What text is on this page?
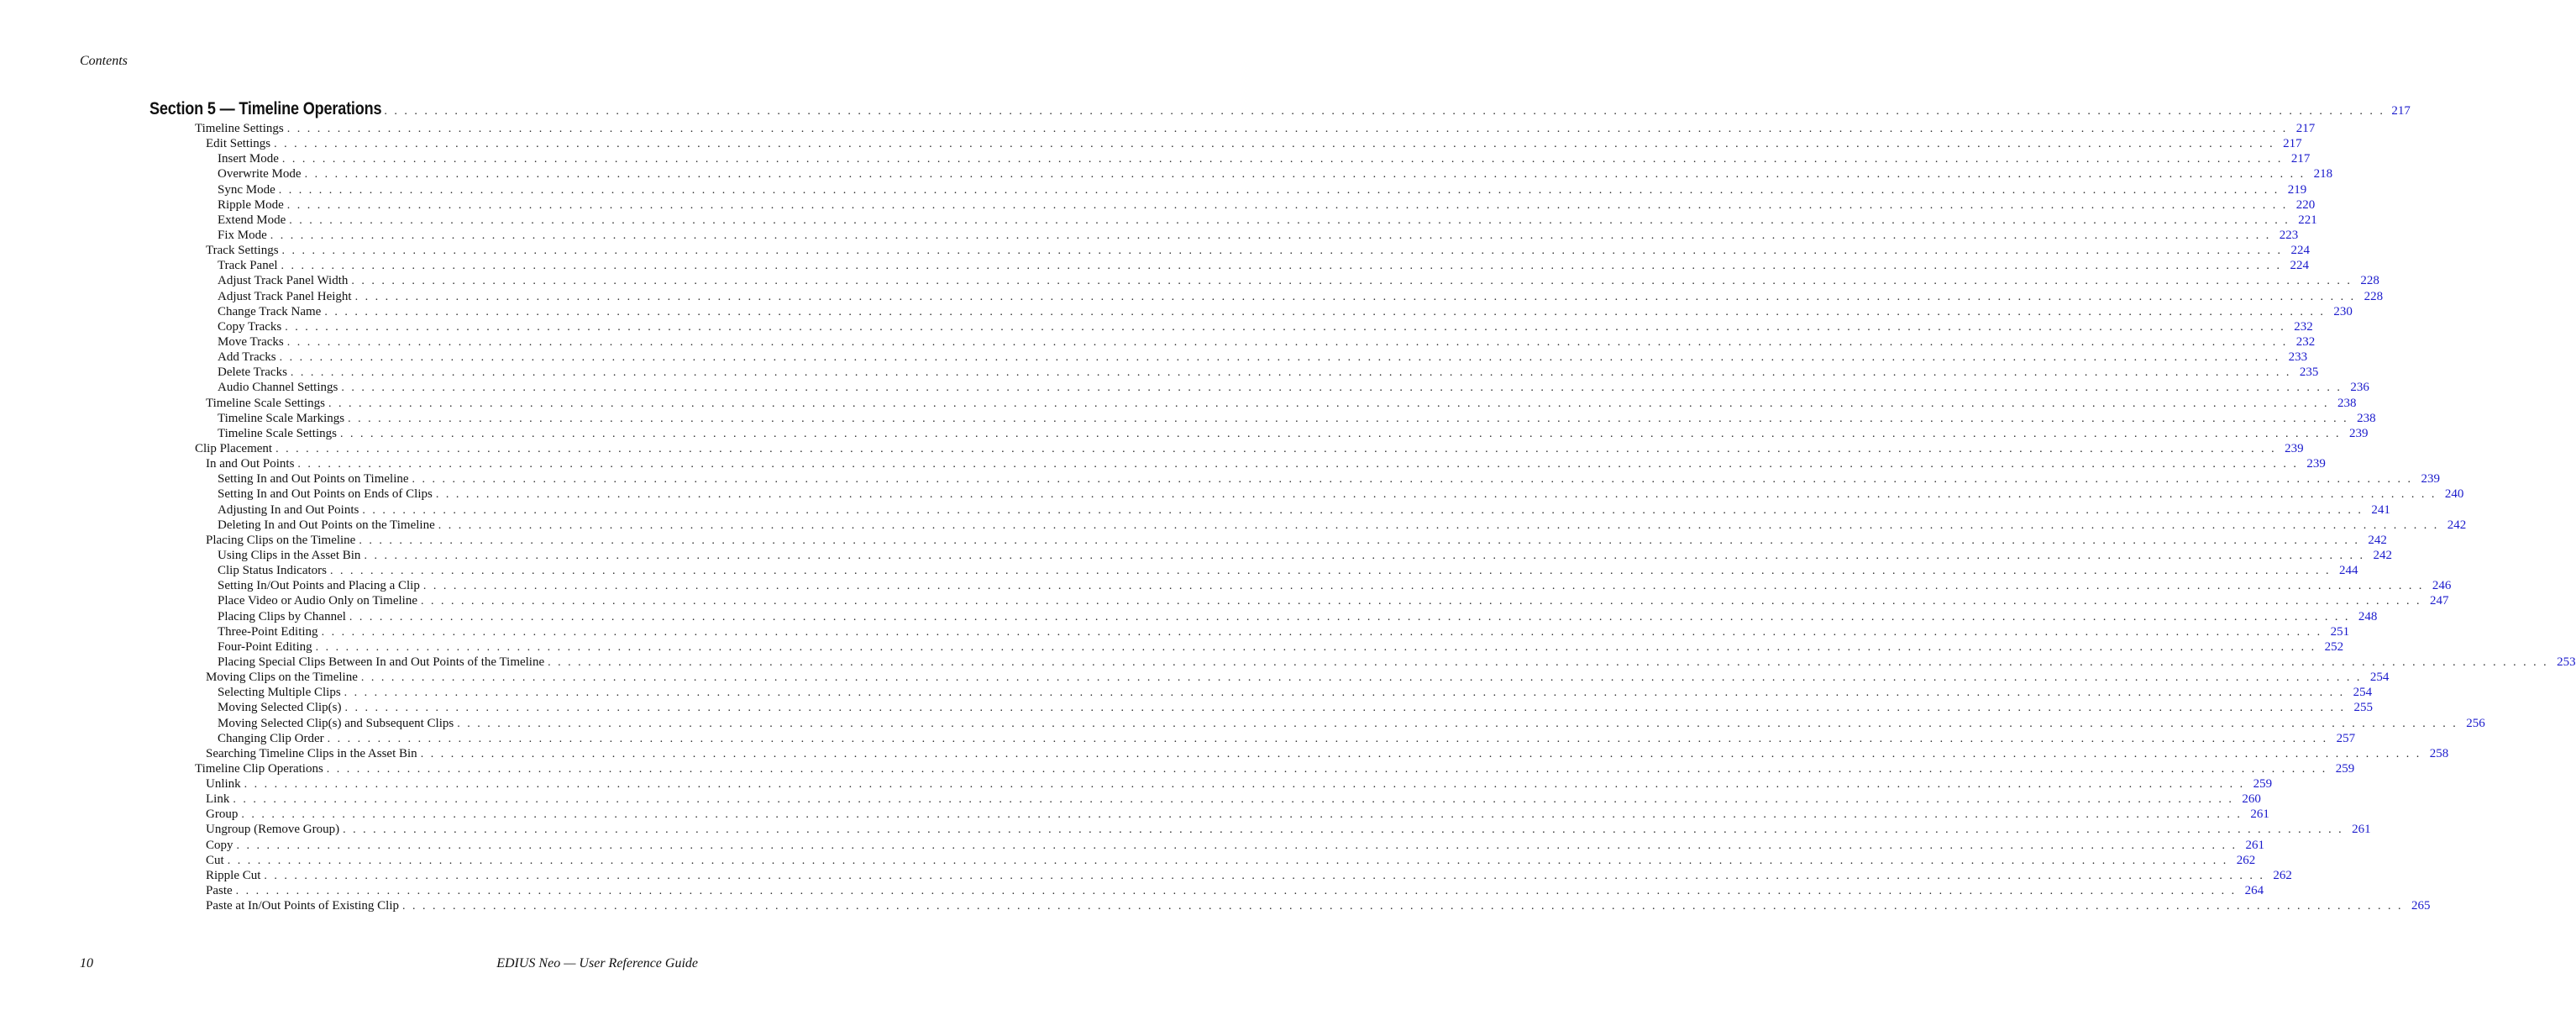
Contents
Section 5 — Timeline Operations . . . . . . . . . . . . . . . . . . . . . . . . . . . . . . . . . . . . . . . . . . . . . . . . . . . . . . . . . . . . . . . . . . . . . . . . . . . . . . . . . . . . . . . . . . . . . . . . . . . . . . . . . . . . . . . . . . . . . . . . . . . . . . . . . . . . . . . . . . . . . . . . . . . . . . . . . . . . . . . . . . . . . . . . . . . . . . . . . . . . . . . . . . . . . . . . . . . . . . . 217
Timeline Settings . . . . . . . . . . . . . . . . . . . . . . . . . . . . . . . . . . . . . . . . . . . . . . . . . . . . . . . . . . . . . . . . . . . . . . . . . . . . . . . . . . . . . . . . . . . . . . . . . . . . . . . . . . . . . . . . . . . . . . . . . . . . . . . . . . . . . . . . . . . . . . . . . . . . . . . . . . . . . . . . . . . . . . . . . . . . . . . . . . . . . . . . . . . . . . . . . . . . . . . 217
Edit Settings . . . . . . . . . . . . . . . . . . . . . . . . . . . . . . . . . . . . . . . . . . . . . . . . . . . . . . . . . . . . . . . . . . . . . . . . . . . . . . . . . . . . . . . . . . . . . . . . . . . . . . . . . . . . . . . . . . . . . . . . . . . . . . . . . . . . . . . . . . . . . . . . . . . . . . . . . . . . . . . . . . . . . . . . . . . . . . . . . . . . . . . . . . . . . . . . . . . . . . . 217
Insert Mode . . . . . . . . . . . . . . . . . . . . . . . . . . . . . . . . . . . . . . . . . . . . . . . . . . . . . . . . . . . . . . . . . . . . . . . . . . . . . . . . . . . . . . . . . . . . . . . . . . . . . . . . . . . . . . . . . . . . . . . . . . . . . . . . . . . . . . . . . . . . . . . . . . . . . . . . . . . . . . . . . . . . . . . . . . . . . . . . . . . . . . . . . . . . . . . . . . . . . . . 217
Overwrite Mode . . . . . . . . . . . . . . . . . . . . . . . . . . . . . . . . . . . . . . . . . . . . . . . . . . . . . . . . . . . . . . . . . . . . . . . . . . . . . . . . . . . . . . . . . . . . . . . . . . . . . . . . . . . . . . . . . . . . . . . . . . . . . . . . . . . . . . . . . . . . . . . . . . . . . . . . . . . . . . . . . . . . . . . . . . . . . . . . . . . . . . . . . . . . . . . . . . . . . . . 218
Sync Mode . . . . . . . . . . . . . . . . . . . . . . . . . . . . . . . . . . . . . . . . . . . . . . . . . . . . . . . . . . . . . . . . . . . . . . . . . . . . . . . . . . . . . . . . . . . . . . . . . . . . . . . . . . . . . . . . . . . . . . . . . . . . . . . . . . . . . . . . . . . . . . . . . . . . . . . . . . . . . . . . . . . . . . . . . . . . . . . . . . . . . . . . . . . . . . . . . . . . . . . 219
Ripple Mode . . . . . . . . . . . . . . . . . . . . . . . . . . . . . . . . . . . . . . . . . . . . . . . . . . . . . . . . . . . . . . . . . . . . . . . . . . . . . . . . . . . . . . . . . . . . . . . . . . . . . . . . . . . . . . . . . . . . . . . . . . . . . . . . . . . . . . . . . . . . . . . . . . . . . . . . . . . . . . . . . . . . . . . . . . . . . . . . . . . . . . . . . . . . . . . . . . . . . . . 220
Extend Mode . . . . . . . . . . . . . . . . . . . . . . . . . . . . . . . . . . . . . . . . . . . . . . . . . . . . . . . . . . . . . . . . . . . . . . . . . . . . . . . . . . . . . . . . . . . . . . . . . . . . . . . . . . . . . . . . . . . . . . . . . . . . . . . . . . . . . . . . . . . . . . . . . . . . . . . . . . . . . . . . . . . . . . . . . . . . . . . . . . . . . . . . . . . . . . . . . . . . . . . 221
Fix Mode . . . . . . . . . . . . . . . . . . . . . . . . . . . . . . . . . . . . . . . . . . . . . . . . . . . . . . . . . . . . . . . . . . . . . . . . . . . . . . . . . . . . . . . . . . . . . . . . . . . . . . . . . . . . . . . . . . . . . . . . . . . . . . . . . . . . . . . . . . . . . . . . . . . . . . . . . . . . . . . . . . . . . . . . . . . . . . . . . . . . . . . . . . . . . . . . . . . . . . . 223
Track Settings . . . . . . . . . . . . . . . . . . . . . . . . . . . . . . . . . . . . . . . . . . . . . . . . . . . . . . . . . . . . . . . . . . . . . . . . . . . . . . . . . . . . . . . . . . . . . . . . . . . . . . . . . . . . . . . . . . . . . . . . . . . . . . . . . . . . . . . . . . . . . . . . . . . . . . . . . . . . . . . . . . . . . . . . . . . . . . . . . . . . . . . . . . . . . . . . . . . . . . . 224
Track Panel . . . . . . . . . . . . . . . . . . . . . . . . . . . . . . . . . . . . . . . . . . . . . . . . . . . . . . . . . . . . . . . . . . . . . . . . . . . . . . . . . . . . . . . . . . . . . . . . . . . . . . . . . . . . . . . . . . . . . . . . . . . . . . . . . . . . . . . . . . . . . . . . . . . . . . . . . . . . . . . . . . . . . . . . . . . . . . . . . . . . . . . . . . . . . . . . . . . . . . . 224
Adjust Track Panel Width . . . . . . . . . . . . . . . . . . . . . . . . . . . . . . . . . . . . . . . . . . . . . . . . . . . . . . . . . . . . . . . . . . . . . . . . . . . . . . . . . . . . . . . . . . . . . . . . . . . . . . . . . . . . . . . . . . . . . . . . . . . . . . . . . . . . . . . . . . . . . . . . . . . . . . . . . . . . . . . . . . . . . . . . . . . . . . . . . . . . . . . . . . . . . . . . . . . . . . . 228
Adjust Track Panel Height . . . . . . . . . . . . . . . . . . . . . . . . . . . . . . . . . . . . . . . . . . . . . . . . . . . . . . . . . . . . . . . . . . . . . . . . . . . . . . . . . . . . . . . . . . . . . . . . . . . . . . . . . . . . . . . . . . . . . . . . . . . . . . . . . . . . . . . . . . . . . . . . . . . . . . . . . . . . . . . . . . . . . . . . . . . . . . . . . . . . . . . . . . . . . . . . . . . . . . . 228
Change Track Name . . . . . . . . . . . . . . . . . . . . . . . . . . . . . . . . . . . . . . . . . . . . . . . . . . . . . . . . . . . . . . . . . . . . . . . . . . . . . . . . . . . . . . . . . . . . . . . . . . . . . . . . . . . . . . . . . . . . . . . . . . . . . . . . . . . . . . . . . . . . . . . . . . . . . . . . . . . . . . . . . . . . . . . . . . . . . . . . . . . . . . . . . . . . . . . . . . . . . . . 230
Copy Tracks . . . . . . . . . . . . . . . . . . . . . . . . . . . . . . . . . . . . . . . . . . . . . . . . . . . . . . . . . . . . . . . . . . . . . . . . . . . . . . . . . . . . . . . . . . . . . . . . . . . . . . . . . . . . . . . . . . . . . . . . . . . . . . . . . . . . . . . . . . . . . . . . . . . . . . . . . . . . . . . . . . . . . . . . . . . . . . . . . . . . . . . . . . . . . . . . . . . . . . . 232
Move Tracks . . . . . . . . . . . . . . . . . . . . . . . . . . . . . . . . . . . . . . . . . . . . . . . . . . . . . . . . . . . . . . . . . . . . . . . . . . . . . . . . . . . . . . . . . . . . . . . . . . . . . . . . . . . . . . . . . . . . . . . . . . . . . . . . . . . . . . . . . . . . . . . . . . . . . . . . . . . . . . . . . . . . . . . . . . . . . . . . . . . . . . . . . . . . . . . . . . . . . . . 232
Add Tracks . . . . . . . . . . . . . . . . . . . . . . . . . . . . . . . . . . . . . . . . . . . . . . . . . . . . . . . . . . . . . . . . . . . . . . . . . . . . . . . . . . . . . . . . . . . . . . . . . . . . . . . . . . . . . . . . . . . . . . . . . . . . . . . . . . . . . . . . . . . . . . . . . . . . . . . . . . . . . . . . . . . . . . . . . . . . . . . . . . . . . . . . . . . . . . . . . . . . . . . 233
Delete Tracks . . . . . . . . . . . . . . . . . . . . . . . . . . . . . . . . . . . . . . . . . . . . . . . . . . . . . . . . . . . . . . . . . . . . . . . . . . . . . . . . . . . . . . . . . . . . . . . . . . . . . . . . . . . . . . . . . . . . . . . . . . . . . . . . . . . . . . . . . . . . . . . . . . . . . . . . . . . . . . . . . . . . . . . . . . . . . . . . . . . . . . . . . . . . . . . . . . . . . . . 235
Audio Channel Settings . . . . . . . . . . . . . . . . . . . . . . . . . . . . . . . . . . . . . . . . . . . . . . . . . . . . . . . . . . . . . . . . . . . . . . . . . . . . . . . . . . . . . . . . . . . . . . . . . . . . . . . . . . . . . . . . . . . . . . . . . . . . . . . . . . . . . . . . . . . . . . . . . . . . . . . . . . . . . . . . . . . . . . . . . . . . . . . . . . . . . . . . . . . . . . . . . . . . . . . 236
Timeline Scale Settings . . . . . . . . . . . . . . . . . . . . . . . . . . . . . . . . . . . . . . . . . . . . . . . . . . . . . . . . . . . . . . . . . . . . . . . . . . . . . . . . . . . . . . . . . . . . . . . . . . . . . . . . . . . . . . . . . . . . . . . . . . . . . . . . . . . . . . . . . . . . . . . . . . . . . . . . . . . . . . . . . . . . . . . . . . . . . . . . . . . . . . . . . . . . . . . . . . . . . . . 238
Timeline Scale Markings . . . . . . . . . . . . . . . . . . . . . . . . . . . . . . . . . . . . . . . . . . . . . . . . . . . . . . . . . . . . . . . . . . . . . . . . . . . . . . . . . . . . . . . . . . . . . . . . . . . . . . . . . . . . . . . . . . . . . . . . . . . . . . . . . . . . . . . . . . . . . . . . . . . . . . . . . . . . . . . . . . . . . . . . . . . . . . . . . . . . . . . . . . . . . . . . . . . . . . . 238
Timeline Scale Settings . . . . . . . . . . . . . . . . . . . . . . . . . . . . . . . . . . . . . . . . . . . . . . . . . . . . . . . . . . . . . . . . . . . . . . . . . . . . . . . . . . . . . . . . . . . . . . . . . . . . . . . . . . . . . . . . . . . . . . . . . . . . . . . . . . . . . . . . . . . . . . . . . . . . . . . . . . . . . . . . . . . . . . . . . . . . . . . . . . . . . . . . . . . . . . . . . . . . . . . 239
Clip Placement . . . . . . . . . . . . . . . . . . . . . . . . . . . . . . . . . . . . . . . . . . . . . . . . . . . . . . . . . . . . . . . . . . . . . . . . . . . . . . . . . . . . . . . . . . . . . . . . . . . . . . . . . . . . . . . . . . . . . . . . . . . . . . . . . . . . . . . . . . . . . . . . . . . . . . . . . . . . . . . . . . . . . . . . . . . . . . . . . . . . . . . . . . . . . . . . . . . . . . . 239
In and Out Points . . . . . . . . . . . . . . . . . . . . . . . . . . . . . . . . . . . . . . . . . . . . . . . . . . . . . . . . . . . . . . . . . . . . . . . . . . . . . . . . . . . . . . . . . . . . . . . . . . . . . . . . . . . . . . . . . . . . . . . . . . . . . . . . . . . . . . . . . . . . . . . . . . . . . . . . . . . . . . . . . . . . . . . . . . . . . . . . . . . . . . . . . . . . . . . . . . . . . . . 239
Setting In and Out Points on Timeline . . . . . . . . . . . . . . . . . . . . . . . . . . . . . . . . . . . . . . . . . . . . . . . . . . . . . . . . . . . . . . . . . . . . . . . . . . . . . . . . . . . . . . . . . . . . . . . . . . . . . . . . . . . . . . . . . . . . . . . . . . . . . . . . . . . . . . . . . . . . . . . . . . . . . . . . . . . . . . . . . . . . . . . . . . . . . . . . . . . . . . . . . . . . . . . . . . . . . . . 239
Setting In and Out Points on Ends of Clips . . . . . . . . . . . . . . . . . . . . . . . . . . . . . . . . . . . . . . . . . . . . . . . . . . . . . . . . . . . . . . . . . . . . . . . . . . . . . . . . . . . . . . . . . . . . . . . . . . . . . . . . . . . . . . . . . . . . . . . . . . . . . . . . . . . . . . . . . . . . . . . . . . . . . . . . . . . . . . . . . . . . . . . . . . . . . . . . . . . . . . . . . . . . . . . . . . . . . . . 240
Adjusting In and Out Points . . . . . . . . . . . . . . . . . . . . . . . . . . . . . . . . . . . . . . . . . . . . . . . . . . . . . . . . . . . . . . . . . . . . . . . . . . . . . . . . . . . . . . . . . . . . . . . . . . . . . . . . . . . . . . . . . . . . . . . . . . . . . . . . . . . . . . . . . . . . . . . . . . . . . . . . . . . . . . . . . . . . . . . . . . . . . . . . . . . . . . . . . . . . . . . . . . . . . . . 241
Deleting In and Out Points on the Timeline . . . . . . . . . . . . . . . . . . . . . . . . . . . . . . . . . . . . . . . . . . . . . . . . . . . . . . . . . . . . . . . . . . . . . . . . . . . . . . . . . . . . . . . . . . . . . . . . . . . . . . . . . . . . . . . . . . . . . . . . . . . . . . . . . . . . . . . . . . . . . . . . . . . . . . . . . . . . . . . . . . . . . . . . . . . . . . . . . . . . . . . . . . . . . . . . . . . . . . . 242
Placing Clips on the Timeline . . . . . . . . . . . . . . . . . . . . . . . . . . . . . . . . . . . . . . . . . . . . . . . . . . . . . . . . . . . . . . . . . . . . . . . . . . . . . . . . . . . . . . . . . . . . . . . . . . . . . . . . . . . . . . . . . . . . . . . . . . . . . . . . . . . . . . . . . . . . . . . . . . . . . . . . . . . . . . . . . . . . . . . . . . . . . . . . . . . . . . . . . . . . . . . . . . . . . . . 242
Using Clips in the Asset Bin . . . . . . . . . . . . . . . . . . . . . . . . . . . . . . . . . . . . . . . . . . . . . . . . . . . . . . . . . . . . . . . . . . . . . . . . . . . . . . . . . . . . . . . . . . . . . . . . . . . . . . . . . . . . . . . . . . . . . . . . . . . . . . . . . . . . . . . . . . . . . . . . . . . . . . . . . . . . . . . . . . . . . . . . . . . . . . . . . . . . . . . . . . . . . . . . . . . . . . . 242
Clip Status Indicators . . . . . . . . . . . . . . . . . . . . . . . . . . . . . . . . . . . . . . . . . . . . . . . . . . . . . . . . . . . . . . . . . . . . . . . . . . . . . . . . . . . . . . . . . . . . . . . . . . . . . . . . . . . . . . . . . . . . . . . . . . . . . . . . . . . . . . . . . . . . . . . . . . . . . . . . . . . . . . . . . . . . . . . . . . . . . . . . . . . . . . . . . . . . . . . . . . . . . . . 244
Setting In/Out Points and Placing a Clip . . . . . . . . . . . . . . . . . . . . . . . . . . . . . . . . . . . . . . . . . . . . . . . . . . . . . . . . . . . . . . . . . . . . . . . . . . . . . . . . . . . . . . . . . . . . . . . . . . . . . . . . . . . . . . . . . . . . . . . . . . . . . . . . . . . . . . . . . . . . . . . . . . . . . . . . . . . . . . . . . . . . . . . . . . . . . . . . . . . . . . . . . . . . . . . . . . . . . . . 246
Place Video or Audio Only on Timeline . . . . . . . . . . . . . . . . . . . . . . . . . . . . . . . . . . . . . . . . . . . . . . . . . . . . . . . . . . . . . . . . . . . . . . . . . . . . . . . . . . . . . . . . . . . . . . . . . . . . . . . . . . . . . . . . . . . . . . . . . . . . . . . . . . . . . . . . . . . . . . . . . . . . . . . . . . . . . . . . . . . . . . . . . . . . . . . . . . . . . . . . . . . . . . . . . . . . . . . 247
Placing Clips by Channel . . . . . . . . . . . . . . . . . . . . . . . . . . . . . . . . . . . . . . . . . . . . . . . . . . . . . . . . . . . . . . . . . . . . . . . . . . . . . . . . . . . . . . . . . . . . . . . . . . . . . . . . . . . . . . . . . . . . . . . . . . . . . . . . . . . . . . . . . . . . . . . . . . . . . . . . . . . . . . . . . . . . . . . . . . . . . . . . . . . . . . . . . . . . . . . . . . . . . . . 248
Three-Point Editing . . . . . . . . . . . . . . . . . . . . . . . . . . . . . . . . . . . . . . . . . . . . . . . . . . . . . . . . . . . . . . . . . . . . . . . . . . . . . . . . . . . . . . . . . . . . . . . . . . . . . . . . . . . . . . . . . . . . . . . . . . . . . . . . . . . . . . . . . . . . . . . . . . . . . . . . . . . . . . . . . . . . . . . . . . . . . . . . . . . . . . . . . . . . . . . . . . . . . . . 251
Four-Point Editing . . . . . . . . . . . . . . . . . . . . . . . . . . . . . . . . . . . . . . . . . . . . . . . . . . . . . . . . . . . . . . . . . . . . . . . . . . . . . . . . . . . . . . . . . . . . . . . . . . . . . . . . . . . . . . . . . . . . . . . . . . . . . . . . . . . . . . . . . . . . . . . . . . . . . . . . . . . . . . . . . . . . . . . . . . . . . . . . . . . . . . . . . . . . . . . . . . . . . . . 252
Placing Special Clips Between In and Out Points of the Timeline . . . . . . . . . . . . . . . . . . . . . . . . . . . . . . . . . . . . . . . . . . . . . . . . . . . . . . . . . . . . . . . . . . . . . . . . . . . . . . . . . . . . . . . . . . . . . . . . . . . . . . . . . . . . . . . . . . . . . . . . . . . . . . . . . . . . . . . . . . . . . . . . . . . . . . . . . . . . . . . . . . . . . . . . . . . . . . . . . . . . . . . . . . . . . . . . . . . . . . . 253
Moving Clips on the Timeline . . . . . . . . . . . . . . . . . . . . . . . . . . . . . . . . . . . . . . . . . . . . . . . . . . . . . . . . . . . . . . . . . . . . . . . . . . . . . . . . . . . . . . . . . . . . . . . . . . . . . . . . . . . . . . . . . . . . . . . . . . . . . . . . . . . . . . . . . . . . . . . . . . . . . . . . . . . . . . . . . . . . . . . . . . . . . . . . . . . . . . . . . . . . . . . . . . . . . . . 254
Selecting Multiple Clips . . . . . . . . . . . . . . . . . . . . . . . . . . . . . . . . . . . . . . . . . . . . . . . . . . . . . . . . . . . . . . . . . . . . . . . . . . . . . . . . . . . . . . . . . . . . . . . . . . . . . . . . . . . . . . . . . . . . . . . . . . . . . . . . . . . . . . . . . . . . . . . . . . . . . . . . . . . . . . . . . . . . . . . . . . . . . . . . . . . . . . . . . . . . . . . . . . . . . . . 254
Moving Selected Clip(s) . . . . . . . . . . . . . . . . . . . . . . . . . . . . . . . . . . . . . . . . . . . . . . . . . . . . . . . . . . . . . . . . . . . . . . . . . . . . . . . . . . . . . . . . . . . . . . . . . . . . . . . . . . . . . . . . . . . . . . . . . . . . . . . . . . . . . . . . . . . . . . . . . . . . . . . . . . . . . . . . . . . . . . . . . . . . . . . . . . . . . . . . . . . . . . . . . . . . . . . 255
Moving Selected Clip(s) and Subsequent Clips . . . . . . . . . . . . . . . . . . . . . . . . . . . . . . . . . . . . . . . . . . . . . . . . . . . . . . . . . . . . . . . . . . . . . . . . . . . . . . . . . . . . . . . . . . . . . . . . . . . . . . . . . . . . . . . . . . . . . . . . . . . . . . . . . . . . . . . . . . . . . . . . . . . . . . . . . . . . . . . . . . . . . . . . . . . . . . . . . . . . . . . . . . . . . . . . . . . . . . . 256
Changing Clip Order . . . . . . . . . . . . . . . . . . . . . . . . . . . . . . . . . . . . . . . . . . . . . . . . . . . . . . . . . . . . . . . . . . . . . . . . . . . . . . . . . . . . . . . . . . . . . . . . . . . . . . . . . . . . . . . . . . . . . . . . . . . . . . . . . . . . . . . . . . . . . . . . . . . . . . . . . . . . . . . . . . . . . . . . . . . . . . . . . . . . . . . . . . . . . . . . . . . . . . . 257
Searching Timeline Clips in the Asset Bin . . . . . . . . . . . . . . . . . . . . . . . . . . . . . . . . . . . . . . . . . . . . . . . . . . . . . . . . . . . . . . . . . . . . . . . . . . . . . . . . . . . . . . . . . . . . . . . . . . . . . . . . . . . . . . . . . . . . . . . . . . . . . . . . . . . . . . . . . . . . . . . . . . . . . . . . . . . . . . . . . . . . . . . . . . . . . . . . . . . . . . . . . . . . . . . . . . . . . . . 258
Timeline Clip Operations . . . . . . . . . . . . . . . . . . . . . . . . . . . . . . . . . . . . . . . . . . . . . . . . . . . . . . . . . . . . . . . . . . . . . . . . . . . . . . . . . . . . . . . . . . . . . . . . . . . . . . . . . . . . . . . . . . . . . . . . . . . . . . . . . . . . . . . . . . . . . . . . . . . . . . . . . . . . . . . . . . . . . . . . . . . . . . . . . . . . . . . . . . . . . . . . . . . . . . . 259
Unlink . . . . . . . . . . . . . . . . . . . . . . . . . . . . . . . . . . . . . . . . . . . . . . . . . . . . . . . . . . . . . . . . . . . . . . . . . . . . . . . . . . . . . . . . . . . . . . . . . . . . . . . . . . . . . . . . . . . . . . . . . . . . . . . . . . . . . . . . . . . . . . . . . . . . . . . . . . . . . . . . . . . . . . . . . . . . . . . . . . . . . . . . . . . . . . . . . . . . . . . 259
Link . . . . . . . . . . . . . . . . . . . . . . . . . . . . . . . . . . . . . . . . . . . . . . . . . . . . . . . . . . . . . . . . . . . . . . . . . . . . . . . . . . . . . . . . . . . . . . . . . . . . . . . . . . . . . . . . . . . . . . . . . . . . . . . . . . . . . . . . . . . . . . . . . . . . . . . . . . . . . . . . . . . . . . . . . . . . . . . . . . . . . . . . . . . . . . . . . . . . . . . 260
Group . . . . . . . . . . . . . . . . . . . . . . . . . . . . . . . . . . . . . . . . . . . . . . . . . . . . . . . . . . . . . . . . . . . . . . . . . . . . . . . . . . . . . . . . . . . . . . . . . . . . . . . . . . . . . . . . . . . . . . . . . . . . . . . . . . . . . . . . . . . . . . . . . . . . . . . . . . . . . . . . . . . . . . . . . . . . . . . . . . . . . . . . . . . . . . . . . . . . . . . 261
Ungroup (Remove Group) . . . . . . . . . . . . . . . . . . . . . . . . . . . . . . . . . . . . . . . . . . . . . . . . . . . . . . . . . . . . . . . . . . . . . . . . . . . . . . . . . . . . . . . . . . . . . . . . . . . . . . . . . . . . . . . . . . . . . . . . . . . . . . . . . . . . . . . . . . . . . . . . . . . . . . . . . . . . . . . . . . . . . . . . . . . . . . . . . . . . . . . . . . . . . . . . . . . . . . . 261
Copy . . . . . . . . . . . . . . . . . . . . . . . . . . . . . . . . . . . . . . . . . . . . . . . . . . . . . . . . . . . . . . . . . . . . . . . . . . . . . . . . . . . . . . . . . . . . . . . . . . . . . . . . . . . . . . . . . . . . . . . . . . . . . . . . . . . . . . . . . . . . . . . . . . . . . . . . . . . . . . . . . . . . . . . . . . . . . . . . . . . . . . . . . . . . . . . . . . . . . . . 261
Cut . . . . . . . . . . . . . . . . . . . . . . . . . . . . . . . . . . . . . . . . . . . . . . . . . . . . . . . . . . . . . . . . . . . . . . . . . . . . . . . . . . . . . . . . . . . . . . . . . . . . . . . . . . . . . . . . . . . . . . . . . . . . . . . . . . . . . . . . . . . . . . . . . . . . . . . . . . . . . . . . . . . . . . . . . . . . . . . . . . . . . . . . . . . . . . . . . . . . . . . 262
Ripple Cut . . . . . . . . . . . . . . . . . . . . . . . . . . . . . . . . . . . . . . . . . . . . . . . . . . . . . . . . . . . . . . . . . . . . . . . . . . . . . . . . . . . . . . . . . . . . . . . . . . . . . . . . . . . . . . . . . . . . . . . . . . . . . . . . . . . . . . . . . . . . . . . . . . . . . . . . . . . . . . . . . . . . . . . . . . . . . . . . . . . . . . . . . . . . . . . . . . . . . . . 262
Paste . . . . . . . . . . . . . . . . . . . . . . . . . . . . . . . . . . . . . . . . . . . . . . . . . . . . . . . . . . . . . . . . . . . . . . . . . . . . . . . . . . . . . . . . . . . . . . . . . . . . . . . . . . . . . . . . . . . . . . . . . . . . . . . . . . . . . . . . . . . . . . . . . . . . . . . . . . . . . . . . . . . . . . . . . . . . . . . . . . . . . . . . . . . . . . . . . . . . . . . 264
Paste at In/Out Points of Existing Clip . . . . . . . . . . . . . . . . . . . . . . . . . . . . . . . . . . . . . . . . . . . . . . . . . . . . . . . . . . . . . . . . . . . . . . . . . . . . . . . . . . . . . . . . . . . . . . . . . . . . . . . . . . . . . . . . . . . . . . . . . . . . . . . . . . . . . . . . . . . . . . . . . . . . . . . . . . . . . . . . . . . . . . . . . . . . . . . . . . . . . . . . . . . . . . . . . . . . . . . 265
10	EDIUS Neo — User Reference Guide
